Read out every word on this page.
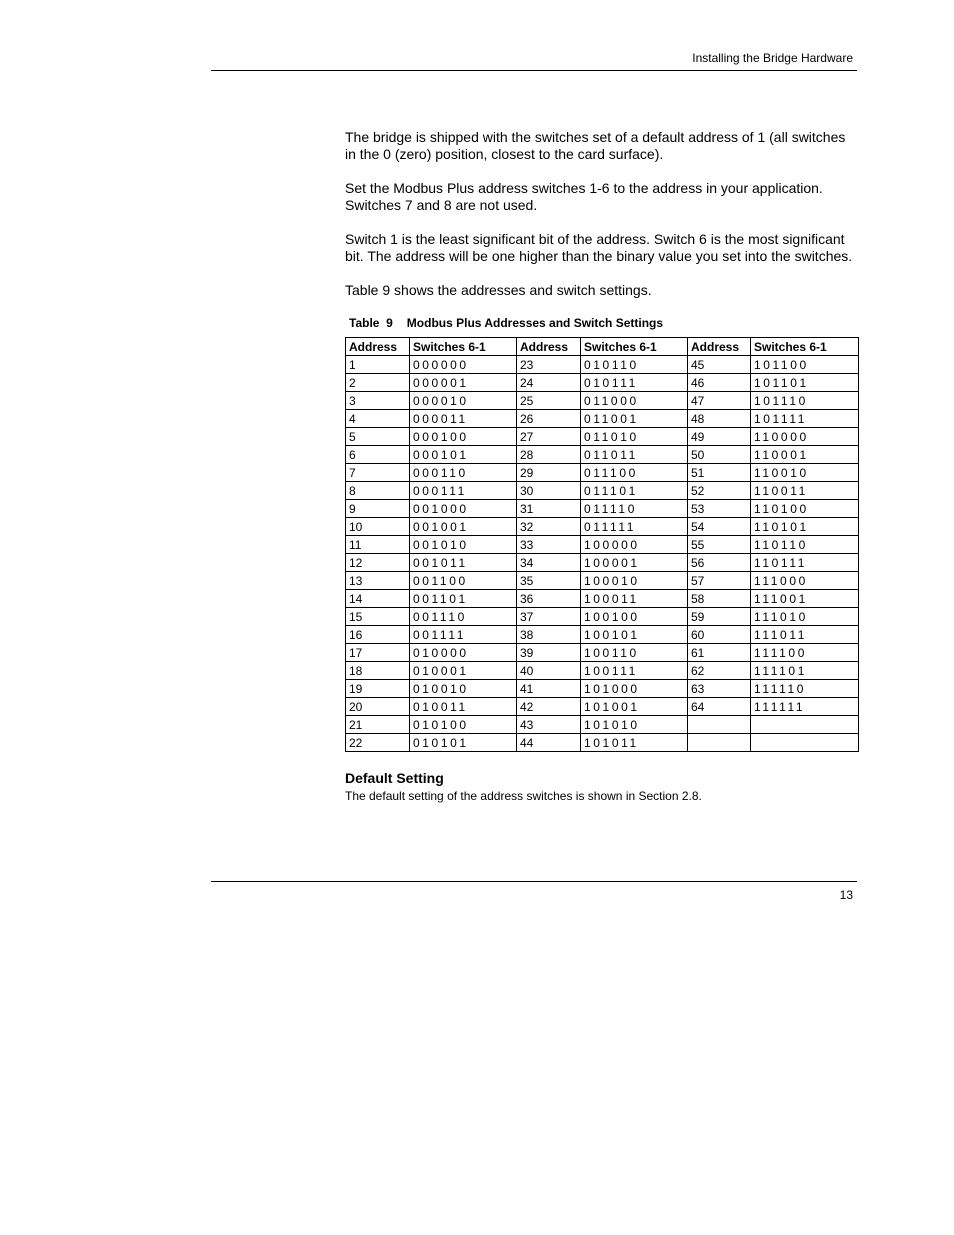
Installing the Bridge Hardware

The bridge is shipped with the switches set of a default address of 1 (all switches in the 0 (zero) position, closest to the card surface).

Set the Modbus Plus address switches 1‑6 to the address in your application. Switches 7 and 8 are not used.

Switch 1 is the least significant bit of the address. Switch 6 is the most significant bit. The address will be one higher than the binary value you set into the switches.

Table 9 shows the addresses and switch settings.

Table  9 Modbus Plus Addresses and Switch Settings
Address	Switches 6‑1	Address	Switches 6‑1	Address	Switches 6‑1
1	000000	23	010110	45	101100
2	000001	24	010111	46	101101
3	000010	25	011000	47	101110
4	000011	26	011001	48	101111
5	000100	27	011010	49	110000
6	000101	28	011011	50	110001
7	000110	29	011100	51	110010
8	000111	30	011101	52	110011
9	001000	31	011110	53	110100
10	001001	32	011111	54	110101
11	001010	33	100000	55	110110
12	001011	34	100001	56	110111
13	001100	35	100010	57	111000
14	001101	36	100011	58	111001
15	001110	37	100100	59	111010
16	001111	38	100101	60	111011
17	010000	39	100110	61	111100
18	010001	40	100111	62	111101
19	010010	41	101000	63	111110
20	010011	42	101001	64	111111
21	010100	43	101010		
22	010101	44	101011		
Default Setting

The default setting of the address switches is shown in Section 2.8.

13
